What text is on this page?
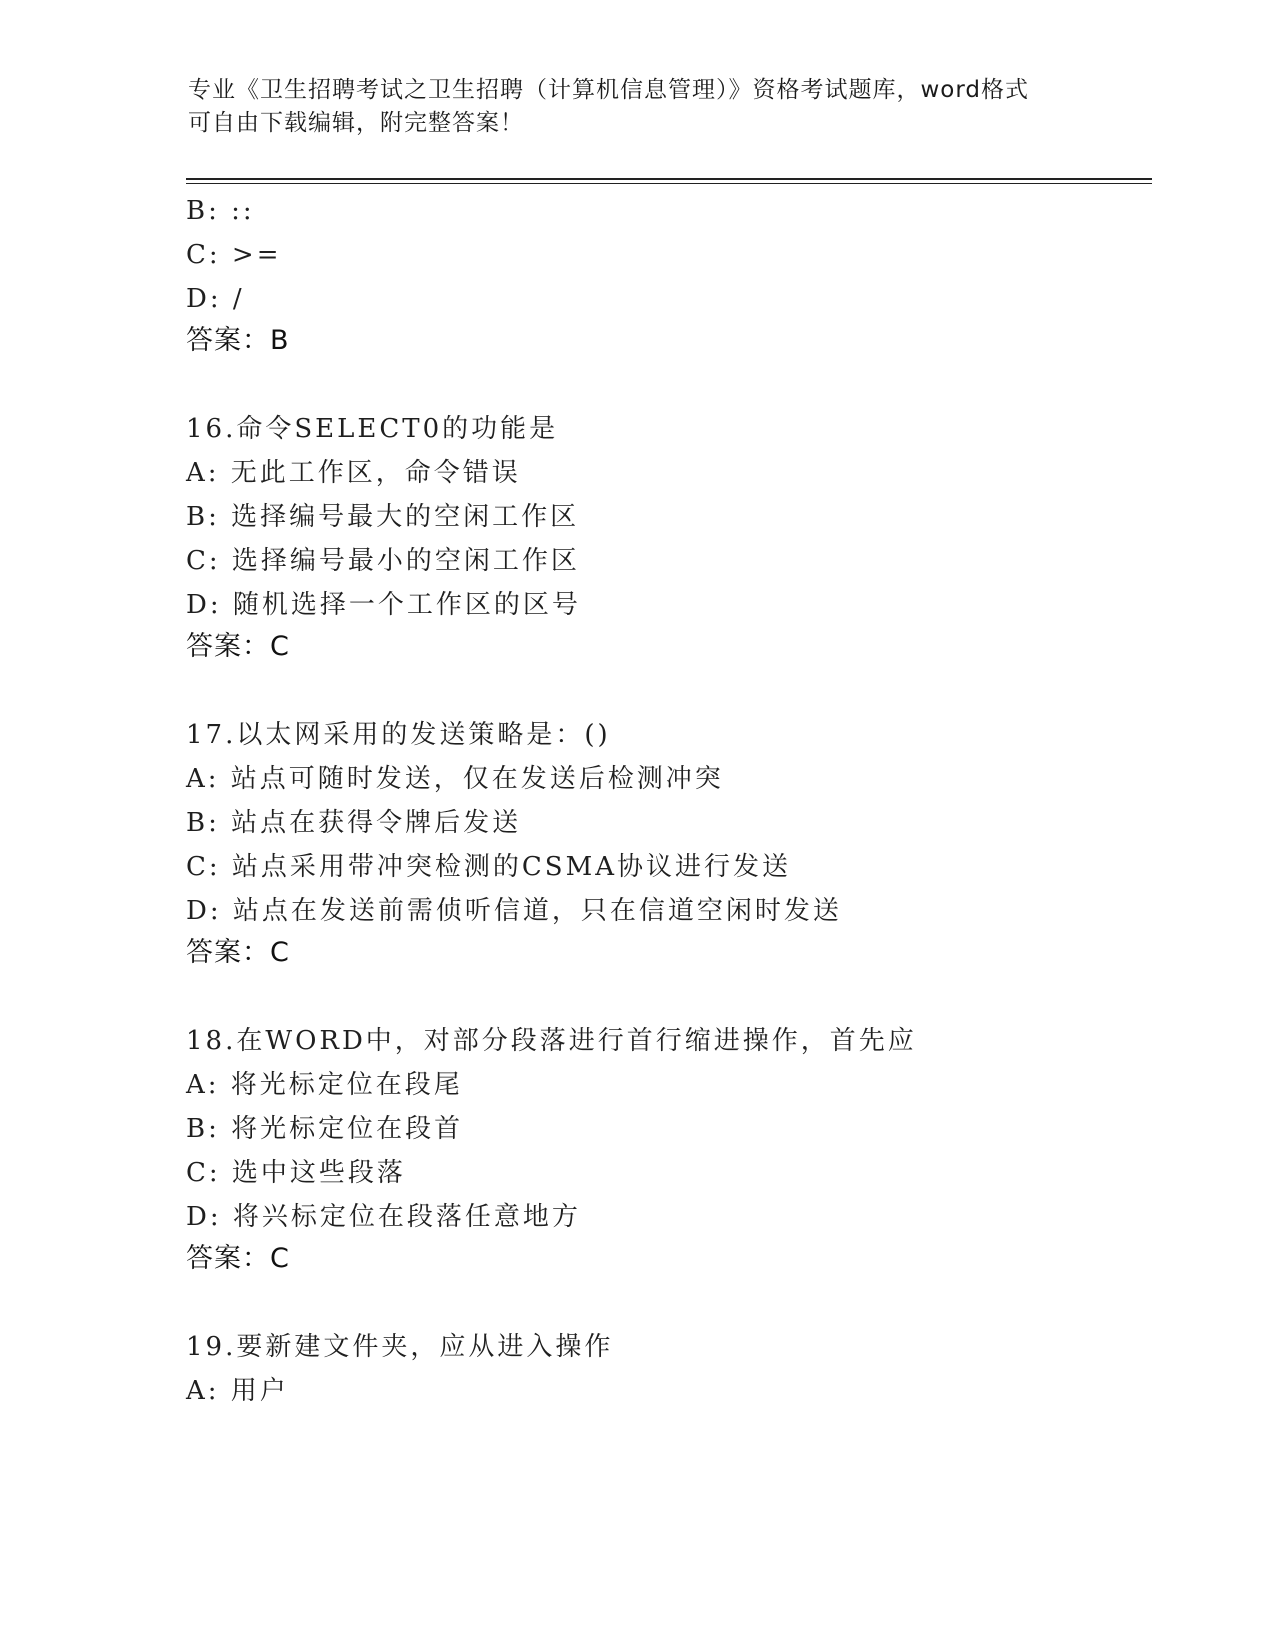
专业《卫生招聘考试之卫生招聘（计算机信息管理）》资格考试题库，word格式
可自由下载编辑，附完整答案！
B: ::
C: >=
D: /
答案：B
16.命令SELECT0的功能是
A: 无此工作区，命令错误
B: 选择编号最大的空闲工作区
C: 选择编号最小的空闲工作区
D: 随机选择一个工作区的区号
答案：C
17.以太网采用的发送策略是：()
A: 站点可随时发送，仅在发送后检测冲突
B: 站点在获得令牌后发送
C: 站点采用带冲突检测的CSMA协议进行发送
D: 站点在发送前需侦听信道，只在信道空闲时发送
答案：C
18.在WORD中，对部分段落进行首行缩进操作，首先应
A: 将光标定位在段尾
B: 将光标定位在段首
C: 选中这些段落
D: 将兴标定位在段落任意地方
答案：C
19.要新建文件夹，应从进入操作
A: 用户
